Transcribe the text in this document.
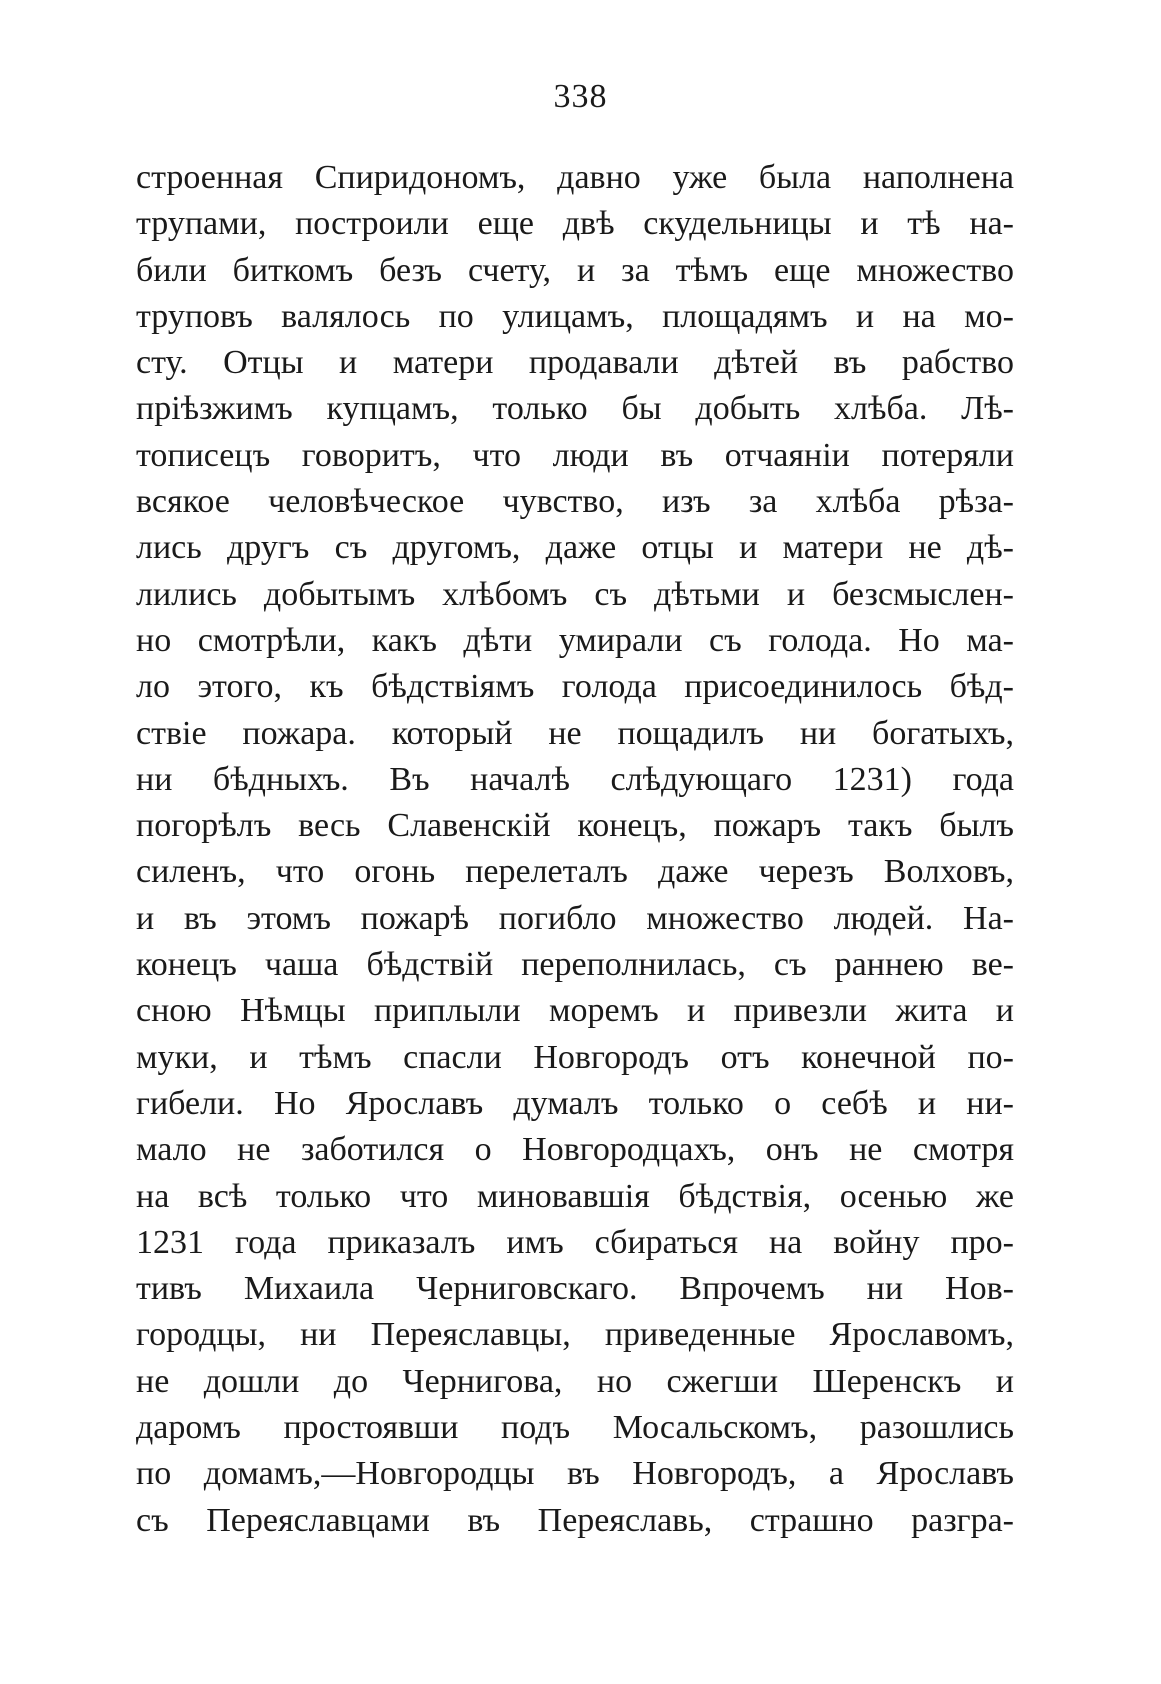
338
строенная Спиридономъ, давно уже была наполнена
трупами, построили еще двѣ скудельницы и тѣ на-
били биткомъ безъ счету, и за тѣмъ еще множество
труповъ валялось по улицамъ, площадямъ и на мо-
сту. Отцы и матери продавали дѣтей въ рабство
пріѣзжимъ купцамъ, только бы добыть хлѣба. Лѣ-
тописецъ говоритъ, что люди въ отчаяніи потеряли
всякое человѣческое чувство, изъ за хлѣба рѣза-
лись другъ съ другомъ, даже отцы и матери не дѣ-
лились добытымъ хлѣбомъ съ дѣтьми и безсмыслен-
но смотрѣли, какъ дѣти умирали съ голода. Но ма-
ло этого, къ бѣдствіямъ голода присоединилось бѣд-
ствіе пожара. который не пощадилъ ни богатыхъ,
ни бѣдныхъ. Въ началѣ слѣдующаго 1231) года
погорѣлъ весь Славенскій конецъ, пожаръ такъ былъ
силенъ, что огонь перелеталъ даже черезъ Волховъ,
и въ этомъ пожарѣ погибло множество людей. На-
конецъ чаша бѣдствій переполнилась, съ раннею ве-
сною Нѣмцы приплыли моремъ и привезли жита и
муки, и тѣмъ спасли Новгородъ отъ конечной по-
гибели. Но Ярославъ думалъ только о себѣ и ни-
мало не заботился о Новгородцахъ, онъ не смотря
на всѣ только что миновавшія бѣдствія, осенью же
1231 года приказалъ имъ сбираться на войну про-
тивъ Михаила Черниговскаго. Впрочемъ ни Нов-
городцы, ни Переяславцы, приведенные Ярославомъ,
не дошли до Чернигова, но сжегши Шеренскъ и
даромъ простоявши подъ Мосальскомъ, разошлись
по домамъ,—Новгородцы въ Новгородъ, а Ярославъ
съ Переяславцами въ Переяславь, страшно разгра-
